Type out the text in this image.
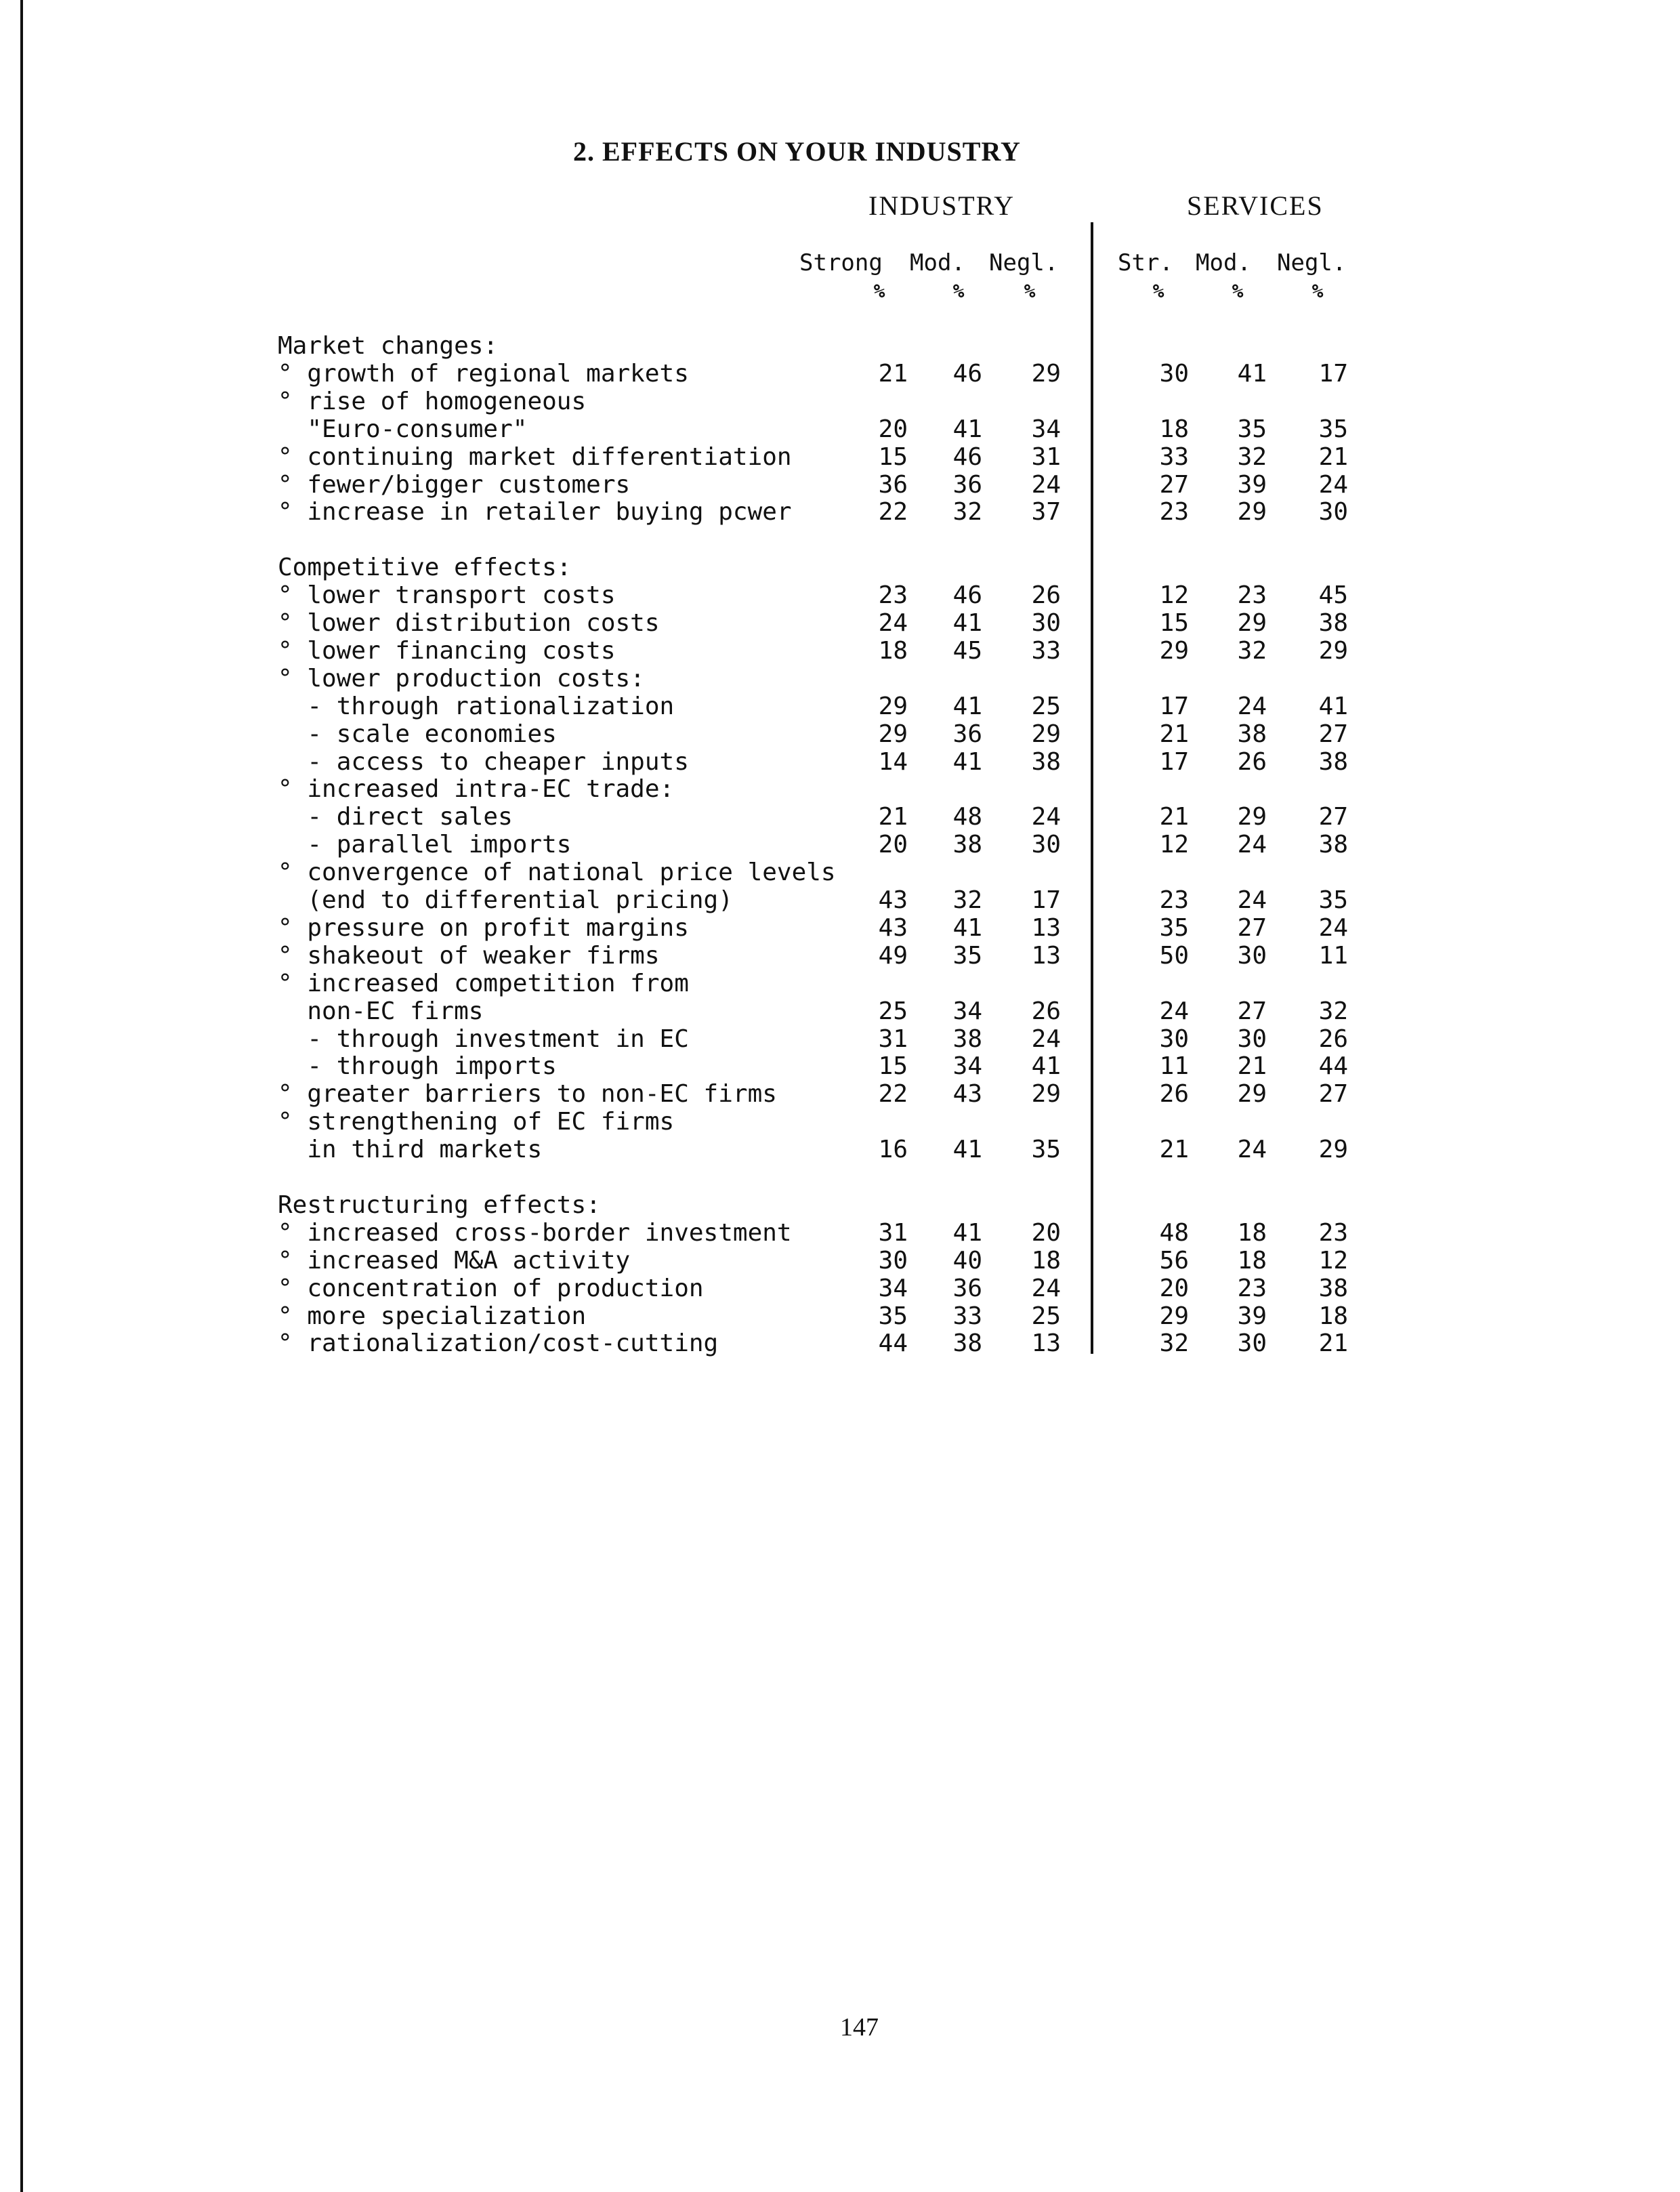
2. EFFECTS ON YOUR INDUSTRY
INDUSTRY	SERVICES
Strong Mod. Negl.	Str. Mod. Negl.
%	%	%	%	%	%
Market changes:
° growth of regional markets	21	46	29	30	41	17
° rise of homogeneous
"Euro-consumer"	20	41	34	18	35	35
° continuing market differentiation	15	46	31	33	32	21
° fewer/bigger customers	36	36	24	27	39	24
° increase in retailer buying pcwer	22	32	37	23	29	30
Competitive effects:
° lower transport costs	23	46	26	12	23	45
° lower distribution costs	24	41	30	15	29	38
° lower financing costs	18	45	33	29	32	29
° lower production costs:
- through rationalization	29	41	25	17	24	41
- scale economies	29	36	29	21	38	27
- access to cheaper inputs	14	41	38	17	26	38
° increased intra-EC trade:
- direct sales	21	48	24	21	29	27
- parallel imports	20	38	30	12	24	38
° convergence of national price levels
(end to differential pricing)	43	32	17	23	24	35
° pressure on profit margins	43	41	13	35	27	24
° shakeout of weaker firms	49	35	13	50	30	11
° increased competition from
non-EC firms	25	34	26	24	27	32
- through investment in EC	31	38	24	30	30	26
- through imports	15	34	41	11	21	44
° greater barriers to non-EC firms	22	43	29	26	29	27
° strengthening of EC firms
in third markets	16	41	35	21	24	29
Restructuring effects:
° increased cross-border investment	31	41	20	48	18	23
° increased M&A activity	30	40	18	56	18	12
° concentration of production	34	36	24	20	23	38
° more specialization	35	33	25	29	39	18
° rationalization/cost-cutting	44	38	13	32	30	21
147
